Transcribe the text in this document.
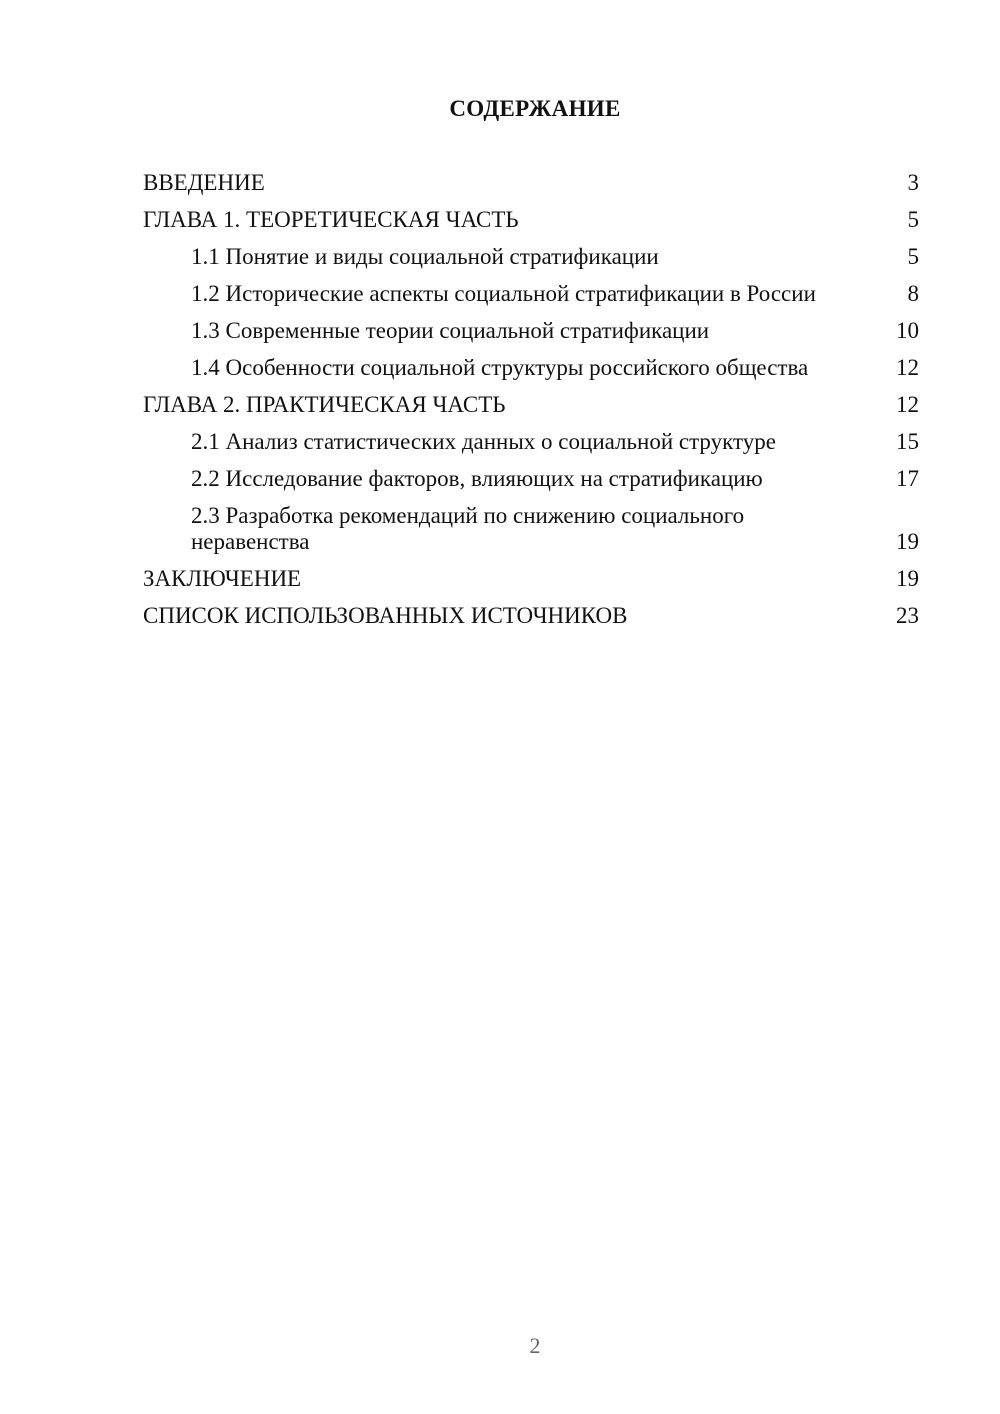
СОДЕРЖАНИЕ
ВВЕДЕНИЕ	3
ГЛАВА 1. ТЕОРЕТИЧЕСКАЯ ЧАСТЬ	5
1.1 Понятие и виды социальной стратификации	5
1.2 Исторические аспекты социальной стратификации в России	8
1.3 Современные теории социальной стратификации	10
1.4 Особенности социальной структуры российского общества	12
ГЛАВА 2. ПРАКТИЧЕСКАЯ ЧАСТЬ	12
2.1 Анализ статистических данных о социальной структуре	15
2.2 Исследование факторов, влияющих на стратификацию	17
2.3 Разработка рекомендаций по снижению социального неравенства	19
ЗАКЛЮЧЕНИЕ	19
СПИСОК ИСПОЛЬЗОВАННЫХ ИСТОЧНИКОВ	23
2
